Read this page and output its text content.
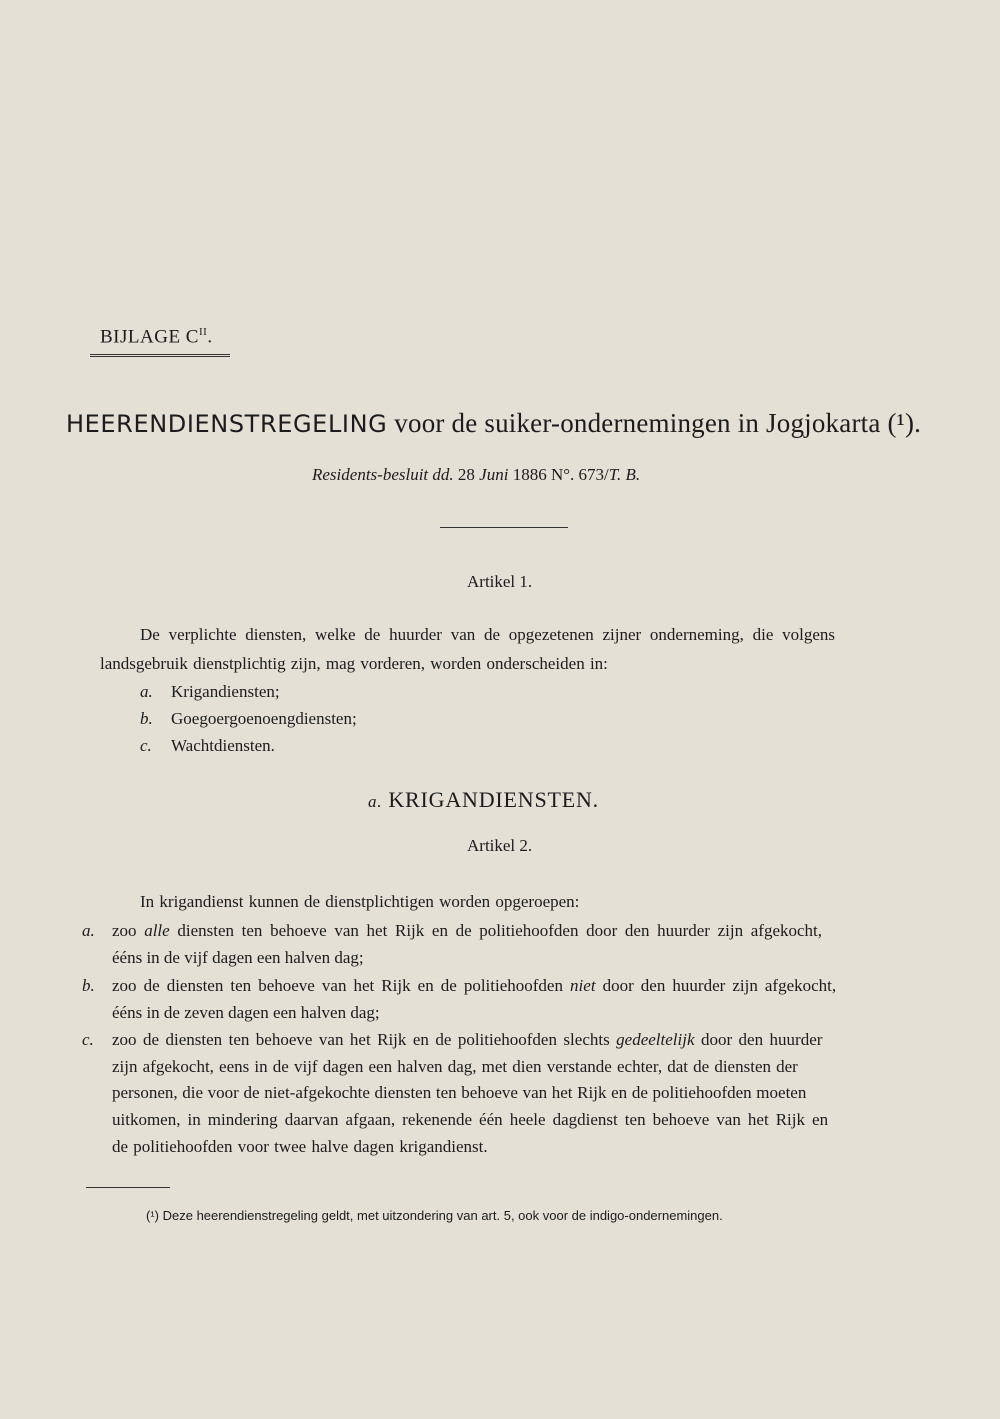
BIJLAGE $C^{II}$.
HEERENDIENSTREGELING voor de suiker-ondernemingen in Jogjokarta (¹).
Residents-besluit dd. 28 Juni 1886 N°. 673/T. B.
Artikel 1.
De verplichte diensten, welke de huurder van de opgezetenen zijner onderneming, die volgens
landsgebruik dienstplichtig zijn, mag vorderen, worden onderscheiden in:
a. Krigandiensten;
b. Goegoergoenoengdiensten;
c. Wachtdiensten.
a. KRIGANDIENSTEN.
Artikel 2.
In krigandienst kunnen de dienstplichtigen worden opgeroepen:
a. zoo alle diensten ten behoeve van het Rijk en de politiehoofden door den huurder zijn afgekocht,
ééns in de vijf dagen een halven dag;
b. zoo de diensten ten behoeve van het Rijk en de politiehoofden niet door den huurder zijn afgekocht,
ééns in de zeven dagen een halven dag;
c. zoo de diensten ten behoeve van het Rijk en de politiehoofden slechts gedeeltelijk door den huurder
zijn afgekocht, eens in de vijf dagen een halven dag, met dien verstande echter, dat de diensten der
personen, die voor de niet-afgekochte diensten ten behoeve van het Rijk en de politiehoofden moeten
uitkomen, in mindering daarvan afgaan, rekenende één heele dagdienst ten behoeve van het Rijk en
de politiehoofden voor twee halve dagen krigandienst.
(¹) Deze heerendienstregeling geldt, met uitzondering van art. 5, ook voor de indigo-ondernemingen.
